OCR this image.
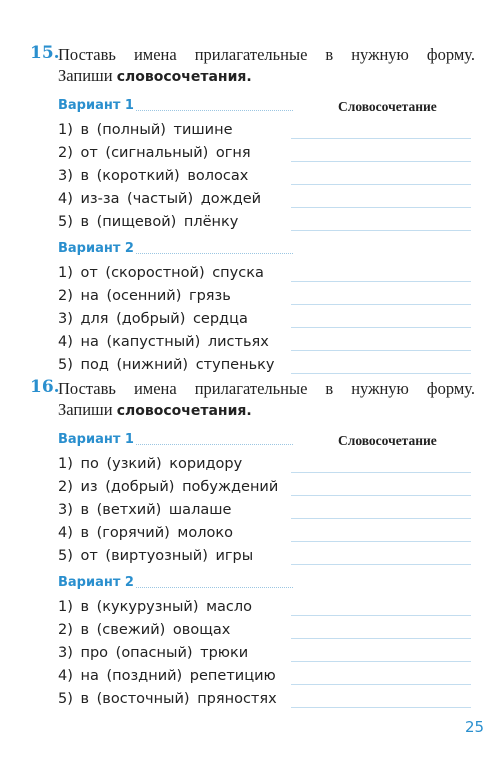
15.
Поставь имена прилагательные в нужную форму.
Запиши словосочетания.
Вариант 1	Словосочетание
1) в (полный) тишине
2) от (сигнальный) огня
3) в (короткий) волосах
4) из-за (частый) дождей
5) в (пищевой) плёнку
Вариант 2
1) от (скоростной) спуска
2) на (осенний) грязь
3) для (добрый) сердца
4) на (капустный) листьях
5) под (нижний) ступеньку
16.
Поставь имена прилагательные в нужную форму.
Запиши словосочетания.
Вариант 1	Словосочетание
1) по (узкий) коридору
2) из (добрый) побуждений
3) в (ветхий) шалаше
4) в (горячий) молоко
5) от (виртуозный) игры
Вариант 2
1) в (кукурузный) масло
2) в (свежий) овощах
3) про (опасный) трюки
4) на (поздний) репетицию
5) в (восточный) пряностях
25
